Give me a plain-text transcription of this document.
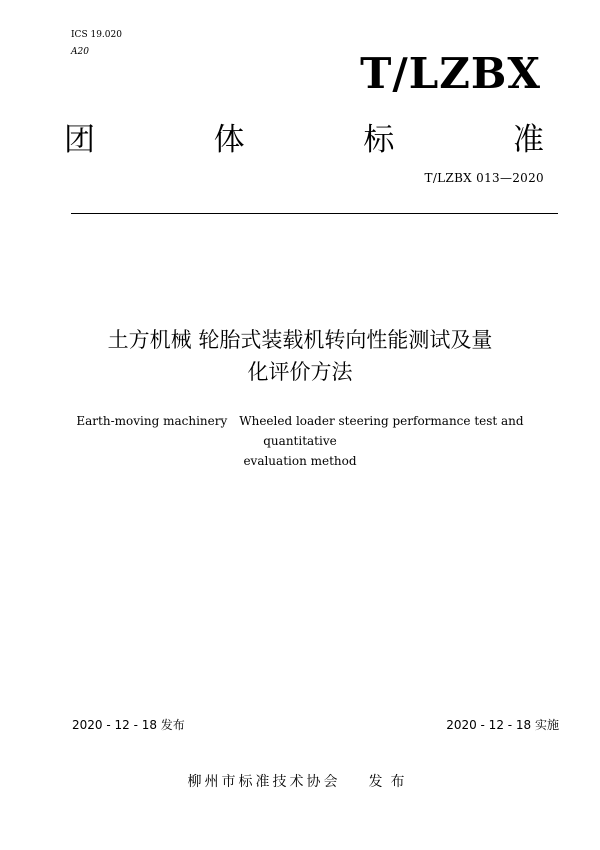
ICS 19.020
A20	T/LZBX
团	体	标	准
T/LZBX 013—2020
土方机械 轮胎式装载机转向性能测试及量
化评价方法
Earth-moving machinery　Wheeled loader steering performance test and quantitative
evaluation method
2020 - 12 - 18 发布	2020 - 12 - 18 实施
柳州市标准技术协会 发布
